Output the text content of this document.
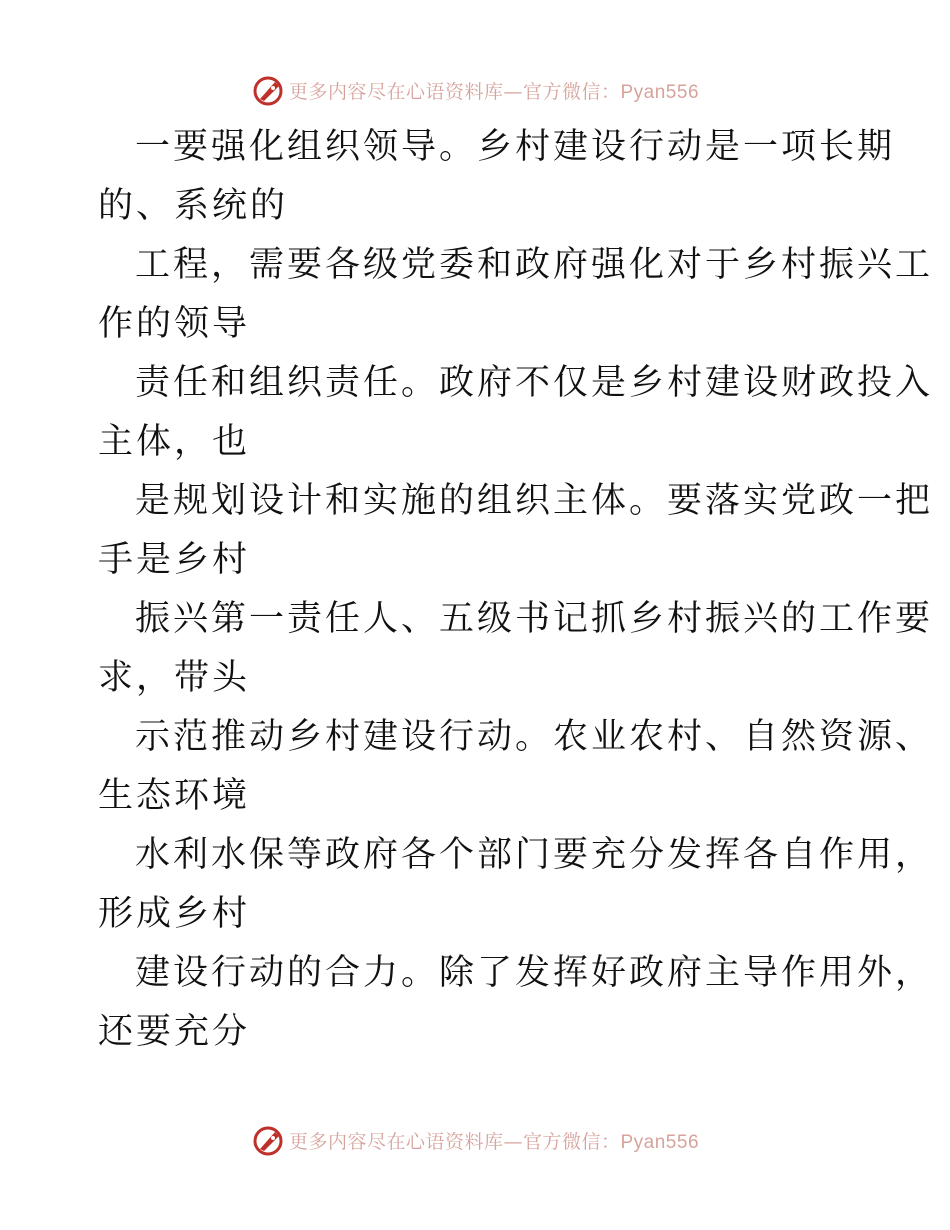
更多内容尽在心语资料库—官方微信：Pyan556
一要强化组织领导。乡村建设行动是一项长期
的、系统的
工程，需要各级党委和政府强化对于乡村振兴工
作的领导
责任和组织责任。政府不仅是乡村建设财政投入
主体，也
是规划设计和实施的组织主体。要落实党政一把
手是乡村
振兴第一责任人、五级书记抓乡村振兴的工作要
求，带头
示范推动乡村建设行动。农业农村、自然资源、
生态环境
水利水保等政府各个部门要充分发挥各自作用，
形成乡村
建设行动的合力。除了发挥好政府主导作用外，
还要充分
更多内容尽在心语资料库—官方微信：Pyan556
